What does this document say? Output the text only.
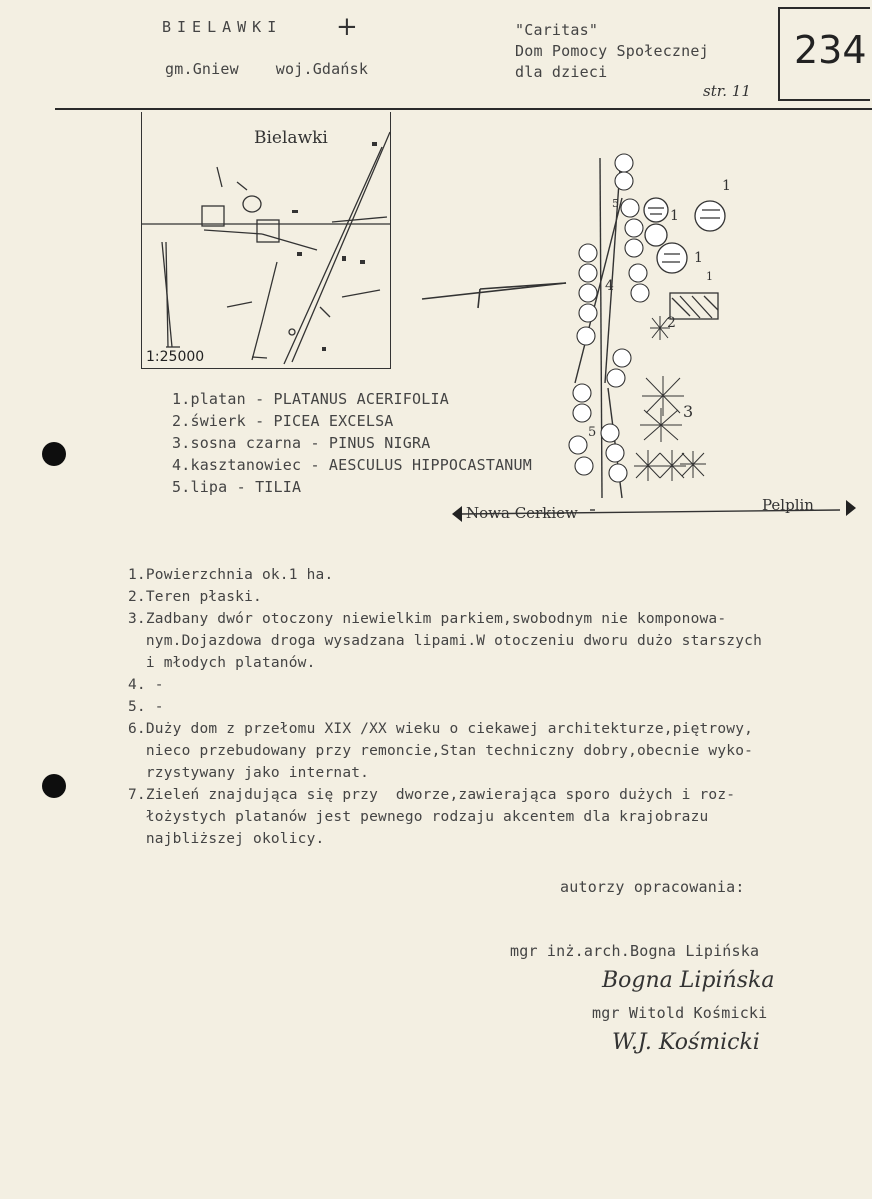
BIELAWKI +
gm.Gniew    woj.Gdańsk
"Caritas"
Dom Pomocy Społecznej
dla dzieci
str. 11
234
Bielawki
1:25000
1
1
1
1
2
3
4
5
5
Nowa Cerkiew	Pelplin
1.platan - PLATANUS ACERIFOLIA
2.świerk - PICEA EXCELSA
3.sosna czarna - PINUS NIGRA
4.kasztanowiec - AESCULUS HIPPOCASTANUM
5.lipa - TILIA
1.Powierzchnia ok.1 ha.
2.Teren płaski.
3.Zadbany dwór otoczony niewielkim parkiem,swobodnym nie komponowa-
nym.Dojazdowa droga wysadzana lipami.W otoczeniu dworu dużo starszych
i młodych platanów.
4. -
5. -
6.Duży dom z przełomu XIX /XX wieku o ciekawej architekturze,piętrowy,
nieco przebudowany przy remoncie,Stan techniczny dobry,obecnie wyko-
rzystywany jako internat.
7.Zieleń znajdująca się przy  dworze,zawierająca sporo dużych i roz-
łożystych platanów jest pewnego rodzaju akcentem dla krajobrazu
najbliższej okolicy.
autorzy opracowania:
mgr inż.arch.Bogna Lipińska
Bogna Lipińska
mgr Witold Kośmicki
W.J. Kośmicki
